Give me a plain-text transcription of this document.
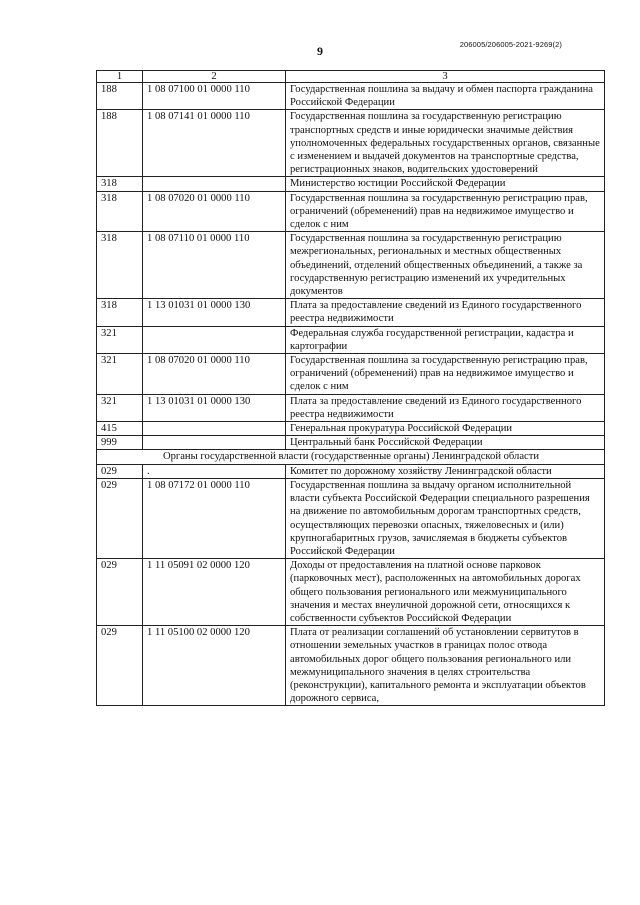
9	206005/206005-2021-9269(2)
1	2	3
188	1 08 07100 01 0000 110	Государственная пошлина за выдачу и обмен паспорта гражданина Российской Федерации
188	1 08 07141 01 0000 110	Государственная пошлина за государственную регистрацию транспортных средств и иные юридически значимые действия уполномоченных федеральных государственных органов, связанные с изменением и выдачей документов на транспортные средства, регистрационных знаков, водительских удостоверений
318		Министерство юстиции Российской Федерации
318	1 08 07020 01 0000 110	Государственная пошлина за государственную регистрацию прав, ограничений (обременений) прав на недвижимое имущество и сделок с ним
318	1 08 07110 01 0000 110	Государственная пошлина за государственную регистрацию межрегиональных, региональных и местных общественных объединений, отделений общественных объединений, а также за государственную регистрацию изменений их учредительных документов
318	1 13 01031 01 0000 130	Плата за предоставление сведений из Единого государственного реестра недвижимости
321		Федеральная служба государственной регистрации, кадастра и картографии
321	1 08 07020 01 0000 110	Государственная пошлина за государственную регистрацию прав, ограничений (обременений) прав на недвижимое имущество и сделок с ним
321	1 13 01031 01 0000 130	Плата за предоставление сведений из Единого государственного реестра недвижимости
415		Генеральная прокуратура Российской Федерации
999		Центральный банк Российской Федерации
Органы государственной власти (государственные органы) Ленинградской области		
029	.	Комитет по дорожному хозяйству Ленинградской области
029	1 08 07172 01 0000 110	Государственная пошлина за выдачу органом исполнительной власти субъекта Российской Федерации специального разрешения на движение по автомобильным дорогам транспортных средств, осуществляющих перевозки опасных, тяжеловесных и (или) крупногабаритных грузов, зачисляемая в бюджеты субъектов Российской Федерации
029	1 11 05091 02 0000 120	Доходы от предоставления на платной основе парковок (парковочных мест), расположенных на автомобильных дорогах общего пользования регионального или межмуниципального значения и местах внеуличной дорожной сети, относящихся к собственности субъектов Российской Федерации
029	1 11 05100 02 0000 120	Плата от реализации соглашений об установлении сервитутов в отношении земельных участков в границах полос отвода автомобильных дорог общего пользования регионального или межмуниципального значения в целях строительства (реконструкции), капитального ремонта и эксплуатации объектов дорожного сервиса,
